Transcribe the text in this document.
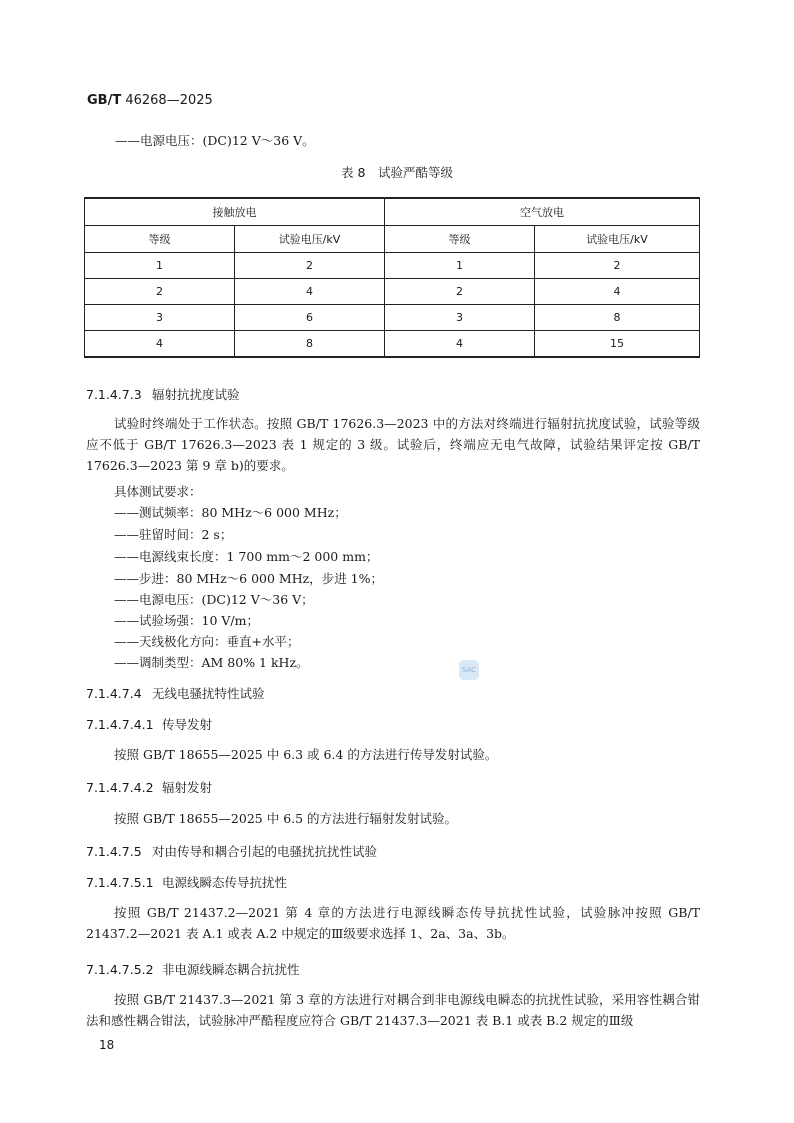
GB/T 46268—2025
——电源电压：(DC)12 V～36 V。
表 8　试验严酷等级
接触放电		空气放电	
等级	试验电压/kV	等级	试验电压/kV
1	2	1	2
2	4	2	4
3	6	3	8
4	8	4	15
7.1.4.7.3 辐射抗扰度试验
试验时终端处于工作状态。按照 GB/T 17626.3—2023 中的方法对终端进行辐射抗扰度试验，试验等级应不低于 GB/T 17626.3—2023 表 1 规定的 3 级。试验后，终端应无电气故障，试验结果评定按 GB/T 17626.3—2023 第 9 章 b)的要求。
具体测试要求：
——测试频率：80 MHz～6 000 MHz；
——驻留时间：2 s；
——电源线束长度：1 700 mm～2 000 mm；
——步进：80 MHz～6 000 MHz，步进 1%；
——电源电压：(DC)12 V～36 V；
——试验场强：10 V/m；
——天线极化方向：垂直+水平；
——调制类型：AM 80% 1 kHz。	SAC
7.1.4.7.4 无线电骚扰特性试验
7.1.4.7.4.1 传导发射
按照 GB/T 18655—2025 中 6.3 或 6.4 的方法进行传导发射试验。
7.1.4.7.4.2 辐射发射
按照 GB/T 18655—2025 中 6.5 的方法进行辐射发射试验。
7.1.4.7.5 对由传导和耦合引起的电骚扰抗扰性试验
7.1.4.7.5.1 电源线瞬态传导抗扰性
按照 GB/T 21437.2—2021 第 4 章的方法进行电源线瞬态传导抗扰性试验，试验脉冲按照 GB/T 21437.2—2021 表 A.1 或表 A.2 中规定的Ⅲ级要求选择 1、2a、3a、3b。
7.1.4.7.5.2 非电源线瞬态耦合抗扰性
按照 GB/T 21437.3—2021 第 3 章的方法进行对耦合到非电源线电瞬态的抗扰性试验，采用容性耦合钳法和感性耦合钳法，试验脉冲严酷程度应符合 GB/T 21437.3—2021 表 B.1 或表 B.2 规定的Ⅲ级
18
